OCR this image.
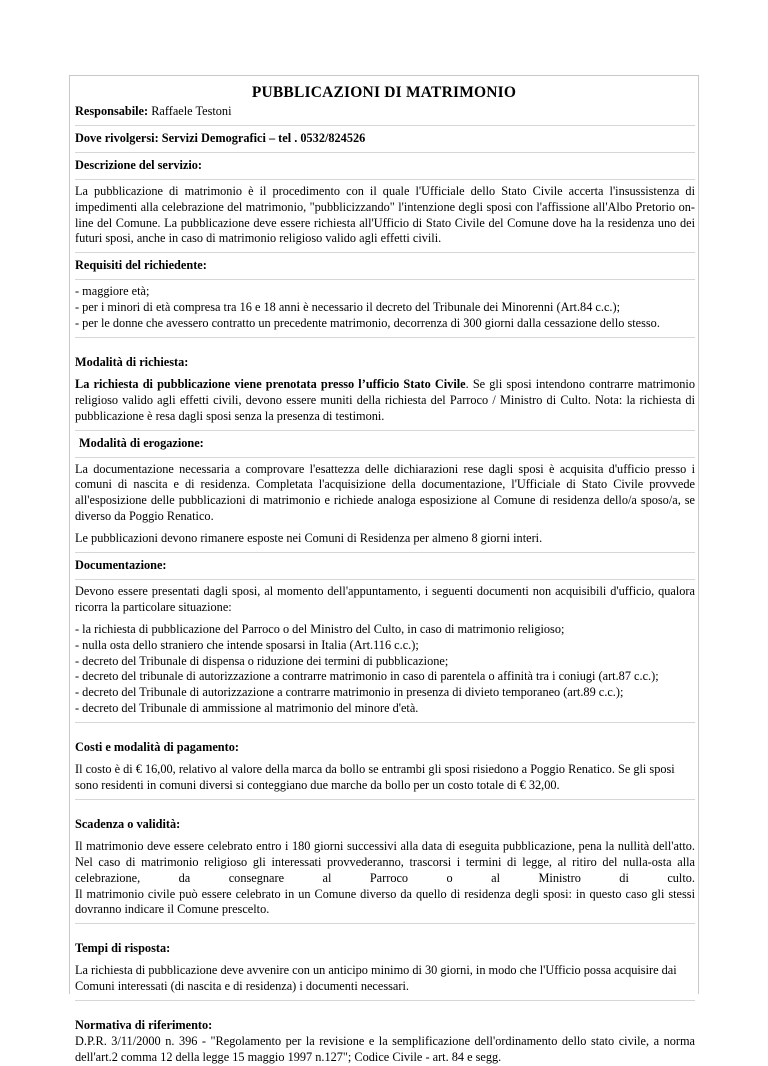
PUBBLICAZIONI DI MATRIMONIO
Responsabile: Raffaele Testoni
Dove rivolgersi: Servizi Demografici – tel . 0532/824526
Descrizione del servizio:

La pubblicazione di matrimonio è il procedimento con il quale l'Ufficiale dello Stato Civile accerta l'insussistenza di impedimenti alla celebrazione del matrimonio, "pubblicizzando" l'intenzione degli sposi con l'affissione all'Albo Pretorio on-line del Comune. La pubblicazione deve essere richiesta all'Ufficio di Stato Civile del Comune dove ha la residenza uno dei futuri sposi, anche in caso di matrimonio religioso valido agli effetti civili.

Requisiti del richiedente:
- maggiore età;
- per i minori di età compresa tra 16 e 18 anni è necessario il decreto del Tribunale dei Minorenni (Art.84 c.c.);
- per le donne che avessero contratto un precedente matrimonio, decorrenza di 300 giorni dalla cessazione dello stesso.
Modalità di richiesta:

La richiesta di pubblicazione viene prenotata presso l’ufficio Stato Civile. Se gli sposi intendono contrarre matrimonio religioso valido agli effetti civili, devono essere muniti della richiesta del Parroco / Ministro di Culto. Nota: la richiesta di pubblicazione è resa dagli sposi senza la presenza di testimoni.

Modalità di erogazione:

La documentazione necessaria a comprovare l'esattezza delle dichiarazioni rese dagli sposi è acquisita d'ufficio presso i comuni di nascita e di residenza. Completata l'acquisizione della documentazione, l'Ufficiale di Stato Civile provvede all'esposizione delle pubblicazioni di matrimonio e richiede analoga esposizione al Comune di residenza dello/a sposo/a, se diverso da Poggio Renatico.

Le pubblicazioni devono rimanere esposte nei Comuni di Residenza per almeno 8 giorni interi.

Documentazione:

Devono essere presentati dagli sposi, al momento dell'appuntamento, i seguenti documenti non acquisibili d'ufficio, qualora ricorra la particolare situazione:

- la richiesta di pubblicazione del Parroco o del Ministro del Culto, in caso di matrimonio religioso;
- nulla osta dello straniero che intende sposarsi in Italia (Art.116 c.c.);
- decreto del Tribunale di dispensa o riduzione dei termini di pubblicazione;
- decreto del tribunale di autorizzazione a contrarre matrimonio in caso di parentela o affinità tra i coniugi (art.87 c.c.);
- decreto del Tribunale di autorizzazione a contrarre matrimonio in presenza di divieto temporaneo (art.89 c.c.);
- decreto del Tribunale di ammissione al matrimonio del minore d'età.
Costi e modalità di pagamento:

Il costo è di € 16,00, relativo al valore della marca da bollo se entrambi gli sposi risiedono a Poggio Renatico. Se gli sposi sono residenti in comuni diversi si conteggiano due marche da bollo per un costo totale di € 32,00.

Scadenza o validità:

Il matrimonio deve essere celebrato entro i 180 giorni successivi alla data di eseguita pubblicazione, pena la nullità dell'atto. Nel caso di matrimonio religioso gli interessati provvederanno, trascorsi i termini di legge, al ritiro del nulla-osta alla celebrazione, da consegnare al Parroco o al Ministro di culto.

Il matrimonio civile può essere celebrato in un Comune diverso da quello di residenza degli sposi: in questo caso gli stessi dovranno indicare il Comune prescelto.

Tempi di risposta:

La richiesta di pubblicazione deve avvenire con un anticipo minimo di 30 giorni, in modo che l'Ufficio possa acquisire dai Comuni interessati (di nascita e di residenza) i documenti necessari.

Normativa di riferimento:

D.P.R. 3/11/2000 n. 396 - "Regolamento per la revisione e la semplificazione dell'ordinamento dello stato civile, a norma dell'art.2 comma 12 della legge 15 maggio 1997 n.127"; Codice Civile - art. 84 e segg.
